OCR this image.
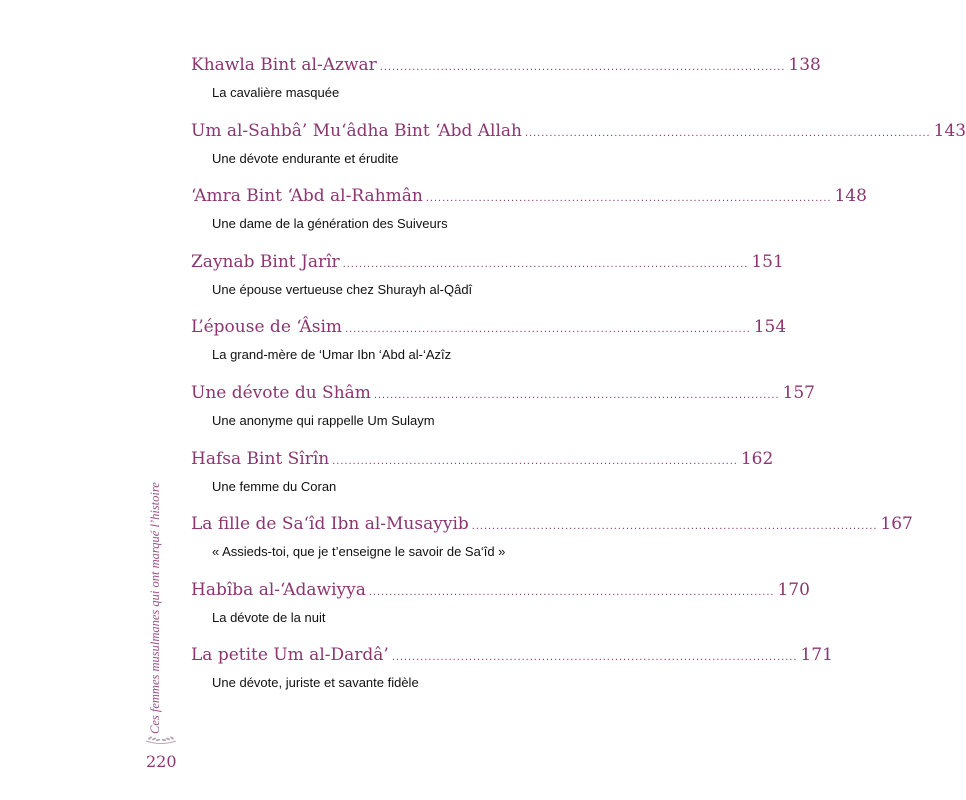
Khawla Bint al-Azwar .................................................................................................... 138
La cavalière masquée
Um al-Sahbâ’ Mu‘âdha Bint ‘Abd Allah .................................................................................................... 143
Une dévote endurante et érudite
‘Amra Bint ‘Abd al-Rahmân .................................................................................................... 148
Une dame de la génération des Suiveurs
Zaynab Bint Jarîr .................................................................................................... 151
Une épouse vertueuse chez Shurayh al-Qâdî
L’épouse de ‘Âsim .................................................................................................... 154
La grand-mère de ‘Umar Ibn ‘Abd al-‘Azîz
Une dévote du Shâm .................................................................................................... 157
Une anonyme qui rappelle Um Sulaym
Hafsa Bint Sîrîn .................................................................................................... 162
Une femme du Coran
La fille de Sa‘îd Ibn al-Musayyib .................................................................................................... 167
« Assieds-toi, que je t’enseigne le savoir de Sa‘îd »
Habîba al-‘Adawiyya .................................................................................................... 170
La dévote de la nuit
La petite Um al-Dardâ’ .................................................................................................... 171
Une dévote, juriste et savante fidèle
Ces femmes musulmanes qui ont marqué l’histoire
220
